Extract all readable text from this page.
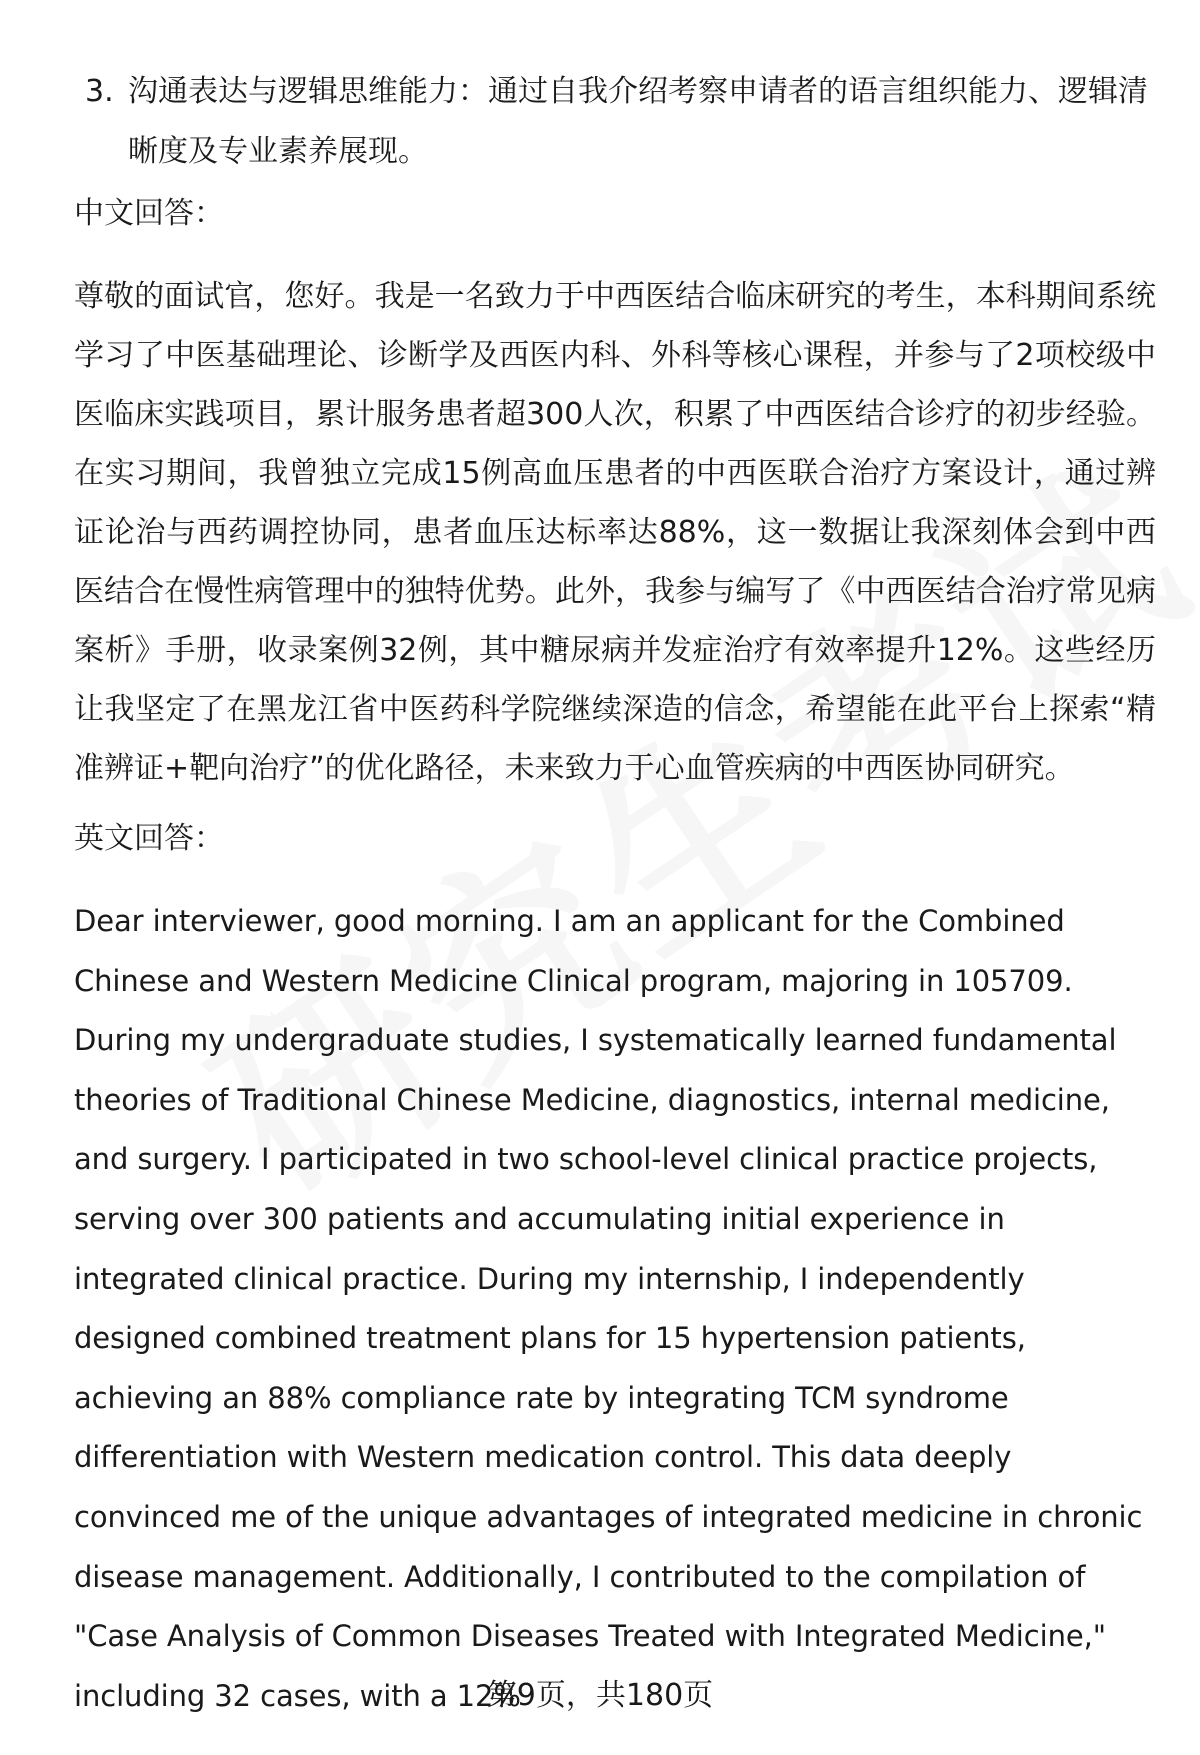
3. 沟通表达与逻辑思维能力：通过自我介绍考察申请者的语言组织能力、逻辑清晰度及专业素养展现。
中文回答：
尊敬的面试官，您好。我是一名致力于中西医结合临床研究的考生，本科期间系统学习了中医基础理论、诊断学及西医内科、外科等核心课程，并参与了2项校级中医临床实践项目，累计服务患者超300人次，积累了中西医结合诊疗的初步经验。在实习期间，我曾独立完成15例高血压患者的中西医联合治疗方案设计，通过辨证论治与西药调控协同，患者血压达标率达88%，这一数据让我深刻体会到中西医结合在慢性病管理中的独特优势。此外，我参与编写了《中西医结合治疗常见病案析》手册，收录案例32例，其中糖尿病并发症治疗有效率提升12%。这些经历让我坚定了在黑龙江省中医药科学院继续深造的信念，希望能在此平台上探索“精准辨证+靶向治疗”的优化路径，未来致力于心血管疾病的中西医协同研究。
英文回答：
Dear interviewer, good morning. I am an applicant for the Combined Chinese and Western Medicine Clinical program, majoring in 105709. During my undergraduate studies, I systematically learned fundamental theories of Traditional Chinese Medicine, diagnostics, internal medicine, and surgery. I participated in two school-level clinical practice projects, serving over 300 patients and accumulating initial experience in integrated clinical practice. During my internship, I independently designed combined treatment plans for 15 hypertension patients, achieving an 88% compliance rate by integrating TCM syndrome differentiation with Western medication control. This data deeply convinced me of the unique advantages of integrated medicine in chronic disease management. Additionally, I contributed to the compilation of "Case Analysis of Common Diseases Treated with Integrated Medicine," including 32 cases, with a 12%
第9页，共180页
